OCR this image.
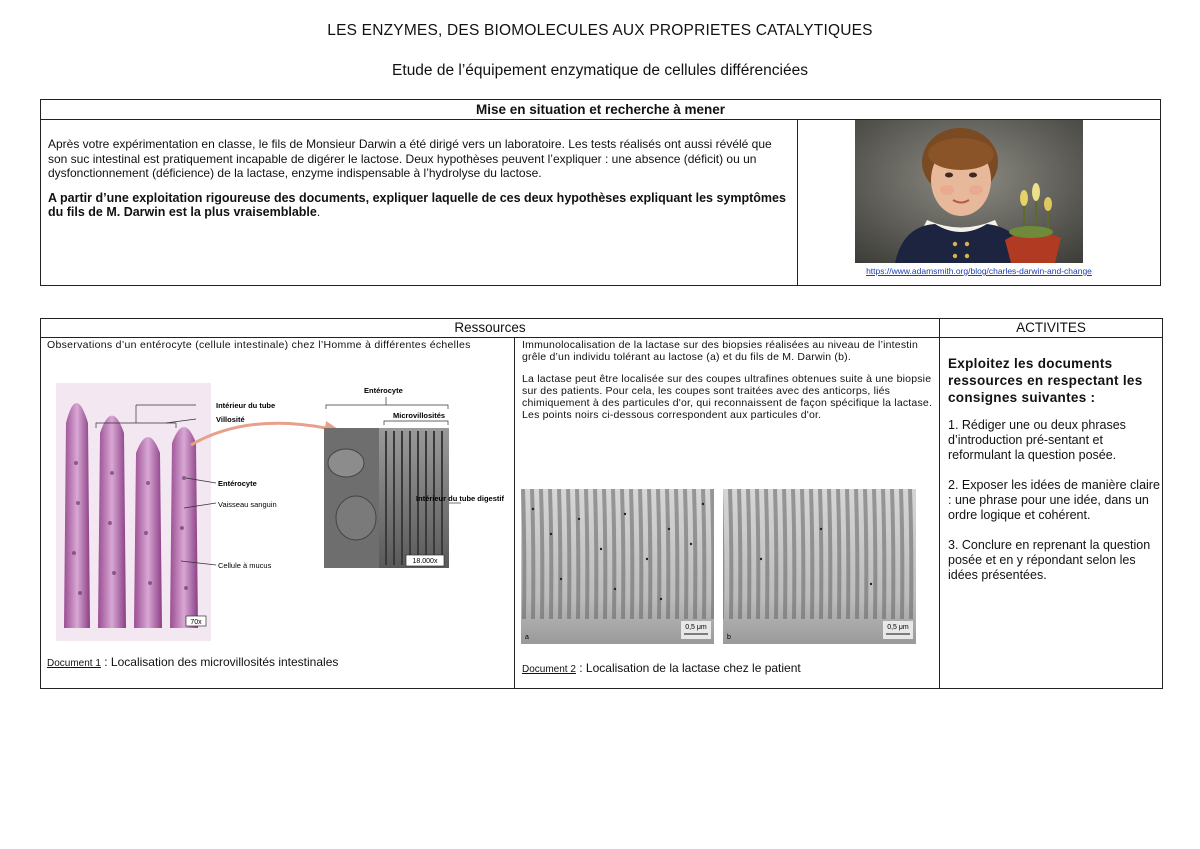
LES ENZYMES, DES BIOMOLECULES AUX PROPRIETES CATALYTIQUES
Etude de l’équipement enzymatique de cellules différenciées
Mise en situation et recherche à mener

Après votre expérimentation en classe, le fils de Monsieur Darwin a été dirigé vers un laboratoire. Les tests réalisés ont aussi révélé que son suc intestinal est pratiquement incapable de digérer le lactose. Deux hypothèses peuvent l’expliquer : une absence (déficit) ou un dysfonctionnement (déficience) de la lactase, enzyme indispensable à l’hydrolyse du lactose.

A partir d’une exploitation rigoureuse des documents, expliquer laquelle de ces deux hypothèses expliquant les symptômes du fils de M. Darwin est la plus vraisemblable.

https://www.adamsmith.org/blog/charles-darwin-and-change
Ressources	ACTIVITES
Observations d’un entérocyte (cellule intestinale) chez l’Homme à différentes échelles
70x
18.000x
Entérocyte
Intérieur du tube
Microvillosités
Villosité
Entérocyte
Vaisseau sanguin
Intérieur du tube digestif
Cellule à mucus
Document 1 : Localisation des microvillosités intestinales

Immunolocalisation de la lactase sur des biopsies réalisées au niveau de l’intestin grêle d’un individu tolérant au lactose (a) et du fils de M. Darwin (b).

La lactase peut être localisée sur des coupes ultrafines obtenues suite à une biopsie sur des patients. Pour cela, les coupes sont traitées avec des anticorps, liés chimiquement à des particules d'or, qui reconnaissent de façon spécifique la lactase. Les points noirs ci-dessous correspondent aux particules d'or.

a	b
0,5 μm	0,5 μm
Document 2 : Localisation de la lactase chez le patient
Exploitez les documents ressources en respectant les consignes suivantes :

1. Rédiger une ou deux phrases d’introduction pré-sentant et reformulant la question posée.

2. Exposer les idées de manière claire : une phrase pour une idée, dans un ordre logique et cohérent.

3. Conclure en reprenant la question posée et en y répondant selon les idées présentées.
